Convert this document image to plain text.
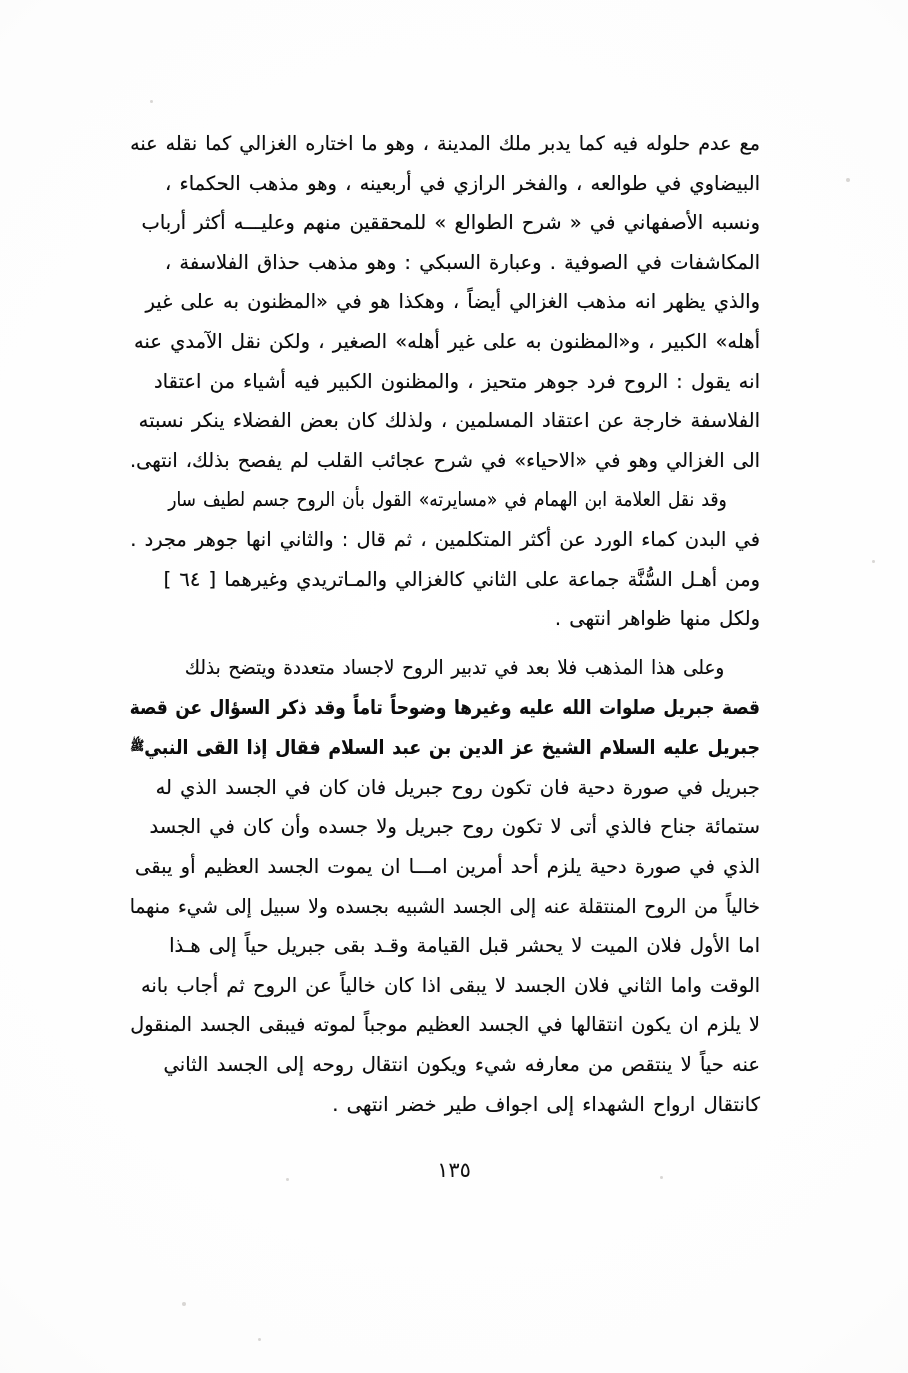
مع عدم حلوله فيه كما يدبر ملك المدينة ، وهو ما اختاره الغزالي كما نقله عنه
البيضاوي في طوالعه ، والفخر الرازي في أربعينه ، وهو مذهب الحكماء ،
ونسبه الأصفهاني في « شرح الطوالع » للمحققين منهم وعليـــه أكثر أرباب
المكاشفات في الصوفية . وعبارة السبكي : وهو مذهب حذاق الفلاسفة ،
والذي يظهر انه مذهب الغزالي أيضاً ، وهكذا هو في «المظنون به على غير
أهله» الكبير ، و«المظنون به على غير أهله» الصغير ، ولكن نقل الآمدي عنه
انه يقول : الروح فرد جوهر متحيز ، والمظنون الكبير فيه أشياء من اعتقاد
الفلاسفة خارجة عن اعتقاد المسلمين ، ولذلك كان بعض الفضلاء ينكر نسبته
الى الغزالي وهو في «الاحياء» في شرح عجائب القلب لم يفصح بذلك، انتهى.
وقد نقل العلامة ابن الهمام في «مسايرته» القول بأن الروح جسم لطيف سار
في البدن كماء الورد عن أكثر المتكلمين ، ثم قال : والثاني انها جوهر مجرد .
ومن أهـل السُّنَّة جماعة على الثاني كالغزالي والمـاتريدي وغيرهما [ ٦٤ ]
ولكل منها ظواهر انتهى .
وعلى هذا المذهب فلا بعد في تدبير الروح لاجساد متعددة ويتضح بذلك
قصة جبريل صلوات الله عليه وغيرها وضوحاً تاماً وقد ذكر السؤال عن قصة
جبريل عليه السلام الشيخ عز الدين بن عبد السلام فقال إذا القى النبي$^ﷺ$
جبريل في صورة دحية فان تكون روح جبريل فان كان في الجسد الذي له
ستمائة جناح فالذي أتى لا تكون روح جبريل ولا جسده وأن كان في الجسد
الذي في صورة دحية يلزم أحد أمرين امـــا ان يموت الجسد العظيم أو يبقى
خالياً من الروح المنتقلة عنه إلى الجسد الشبيه بجسده ولا سبيل إلى شيء منهما
اما الأول فلان الميت لا يحشر قبل القيامة وقـد بقى جبريل حياً إلى هـذا
الوقت واما الثاني فلان الجسد لا يبقى اذا كان خالياً عن الروح ثم أجاب بانه
لا يلزم ان يكون انتقالها في الجسد العظيم موجباً لموته فيبقى الجسد المنقول
عنه حياً لا ينتقص من معارفه شيء ويكون انتقال روحه إلى الجسد الثاني
كانتقال ارواح الشهداء إلى اجواف طير خضر انتهى .
١٣٥
